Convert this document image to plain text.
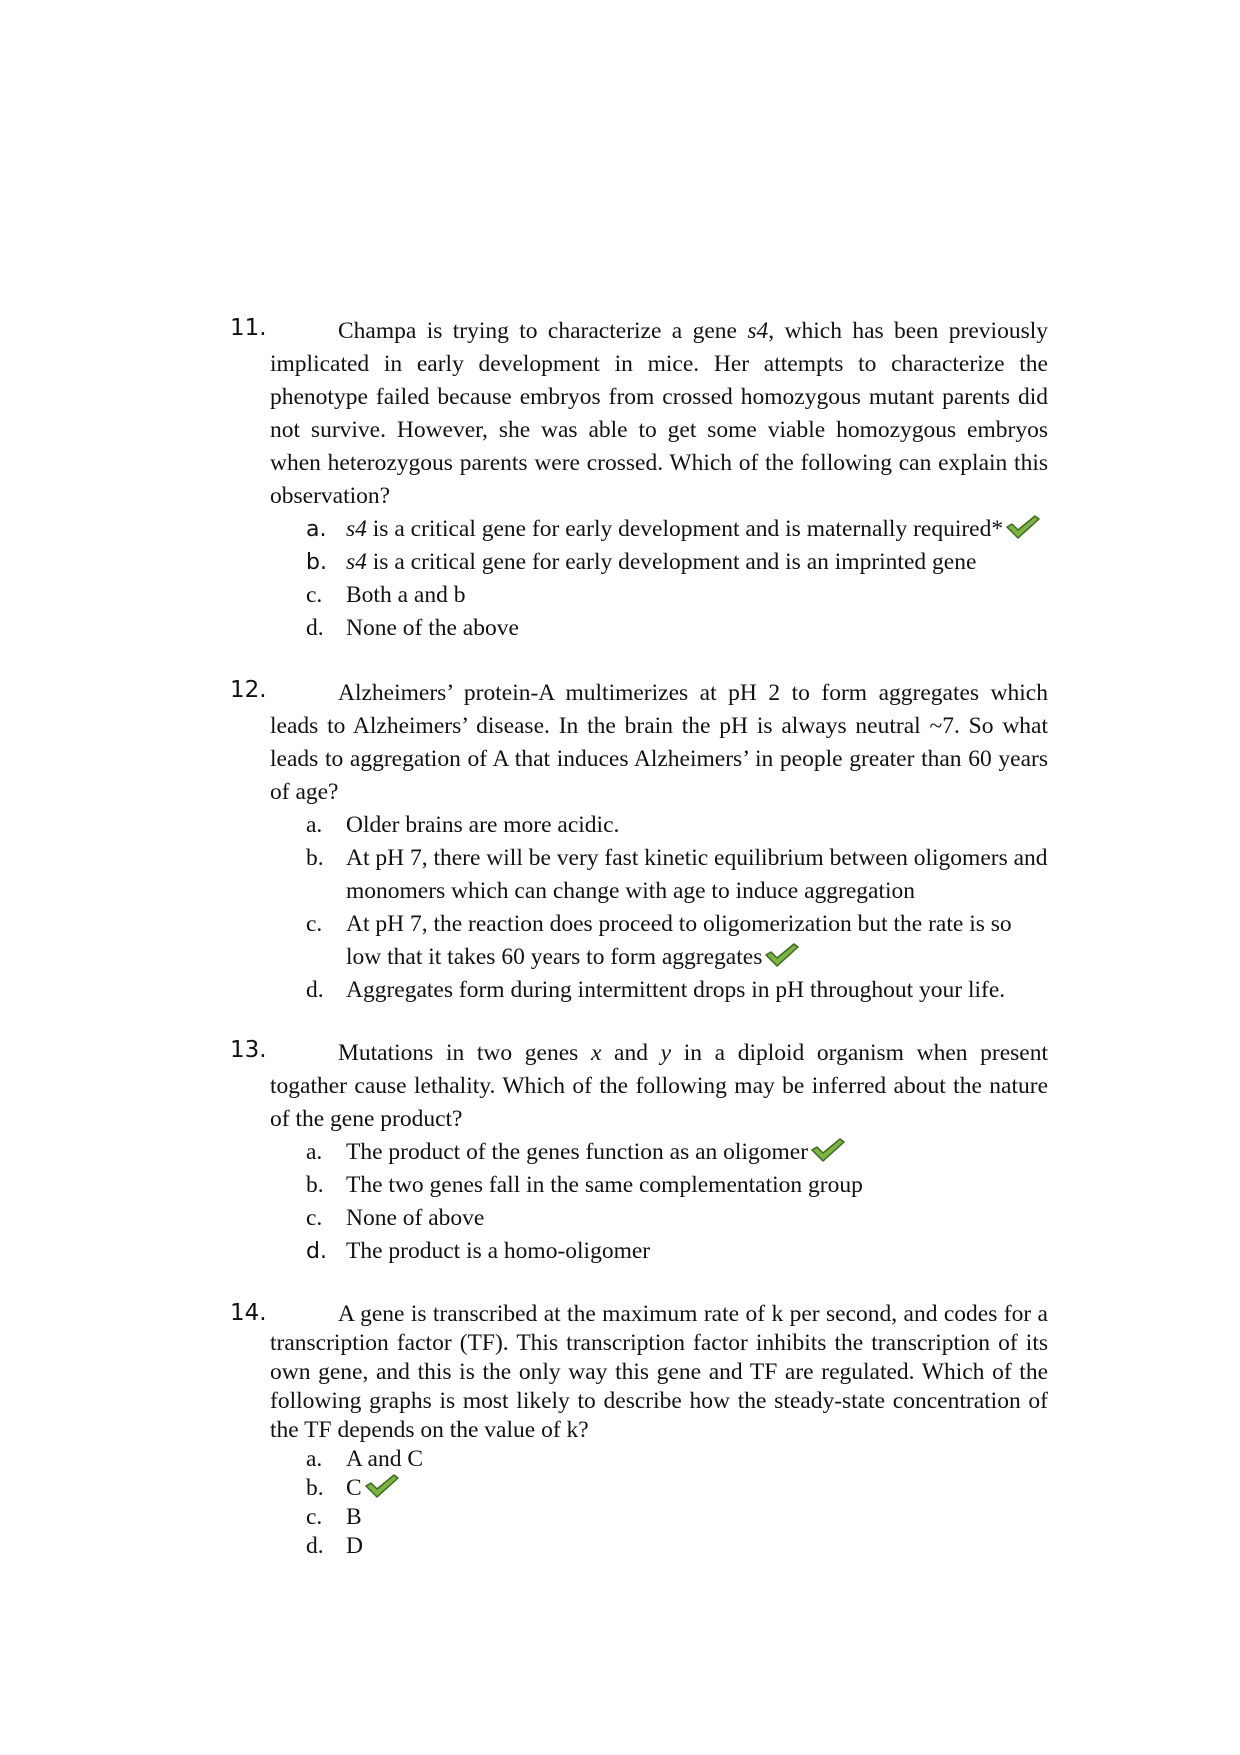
11.	Champa is trying to characterize a gene s4, which has been previously implicated in early development in mice. Her attempts to characterize the phenotype failed because embryos from crossed homozygous mutant parents did not survive. However, she was able to get some viable homozygous embryos when heterozygous parents were crossed. Which of the following can explain this observation?

a. s4 is a critical gene for early development and is maternally required*
b. s4 is a critical gene for early development and is an imprinted gene
c.	Both a and b
d. None of the above
12.	Alzheimers’ protein-A multimerizes at pH 2 to form aggregates which leads to Alzheimers’ disease. In the brain the pH is always neutral ~7. So what leads to aggregation of A that induces Alzheimers’ in people greater than 60 years of age?

a.	Older brains are more acidic.
b. At pH 7, there will be very fast kinetic equilibrium between oligomers and monomers which can change with age to induce aggregation
c.	At pH 7, the reaction does proceed to oligomerization but the rate is so low that it takes 60 years to form aggregates
d. Aggregates form during intermittent drops in pH throughout your life.
13.	Mutations in two genes x and y in a diploid organism when present togather cause lethality. Which of the following may be inferred about the nature of the gene product?

a.	The product of the genes function as an oligomer
b. The two genes fall in the same complementation group
c.	None of above
d. The product is a homo-oligomer
14.	A gene is transcribed at the maximum rate of k per second, and codes for a transcription factor (TF). This transcription factor inhibits the transcription of its own gene, and this is the only way this gene and TF are regulated. Which of the following graphs is most likely to describe how the steady-state concentration of the TF depends on the value of k?

a.	A and C
b. C
c.	B
d. D
